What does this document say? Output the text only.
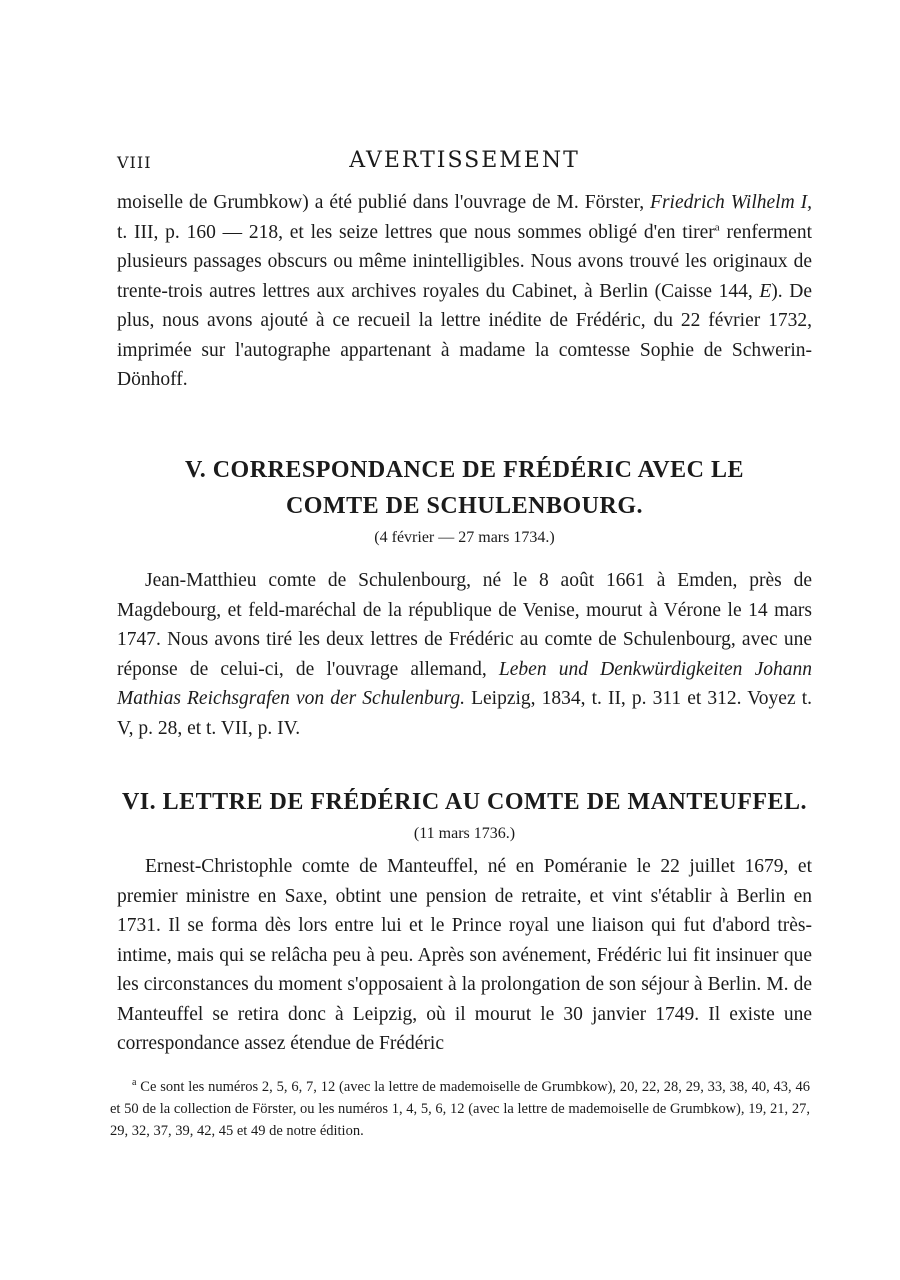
VIII	AVERTISSEMENT

moiselle de Grumbkow) a été publié dans l'ouvrage de M. Förster, Friedrich Wilhelm I, t. III, p. 160 — 218, et les seize lettres que nous sommes obligé d'en tirer$^a$ renferment plusieurs passages obscurs ou même inintelligibles. Nous avons trouvé les originaux de trente-trois autres lettres aux archives royales du Cabinet, à Berlin (Caisse 144, E). De plus, nous avons ajouté à ce recueil la lettre inédite de Frédéric, du 22 février 1732, imprimée sur l'autographe appartenant à madame la comtesse Sophie de Schwerin-Dönhoff.

V. CORRESPONDANCE DE FRÉDÉRIC AVEC LE
COMTE DE SCHULENBOURG.

(4 février — 27 mars 1734.)

Jean-Matthieu comte de Schulenbourg, né le 8 août 1661 à Emden, près de Magdebourg, et feld-maréchal de la république de Venise, mourut à Vérone le 14 mars 1747. Nous avons tiré les deux lettres de Frédéric au comte de Schulenbourg, avec une réponse de celui-ci, de l'ouvrage allemand, Leben und Denkwürdigkeiten Johann Mathias Reichsgrafen von der Schulenburg. Leipzig, 1834, t. II, p. 311 et 312. Voyez t. V, p. 28, et t. VII, p. IV.

VI. LETTRE DE FRÉDÉRIC AU COMTE DE MANTEUFFEL.

(11 mars 1736.)

Ernest-Christophle comte de Manteuffel, né en Poméranie le 22 juillet 1679, et premier ministre en Saxe, obtint une pension de retraite, et vint s'établir à Berlin en 1731. Il se forma dès lors entre lui et le Prince royal une liaison qui fut d'abord très-intime, mais qui se relâcha peu à peu. Après son avénement, Frédéric lui fit insinuer que les circonstances du moment s'opposaient à la prolongation de son séjour à Berlin. M. de Manteuffel se retira donc à Leipzig, où il mourut le 30 janvier 1749. Il existe une correspondance assez étendue de Frédéric

$^a$ Ce sont les numéros 2, 5, 6, 7, 12 (avec la lettre de mademoiselle de Grumbkow), 20, 22, 28, 29, 33, 38, 40, 43, 46 et 50 de la collection de Förster, ou les numéros 1, 4, 5, 6, 12 (avec la lettre de mademoiselle de Grumbkow), 19, 21, 27, 29, 32, 37, 39, 42, 45 et 49 de notre édition.
